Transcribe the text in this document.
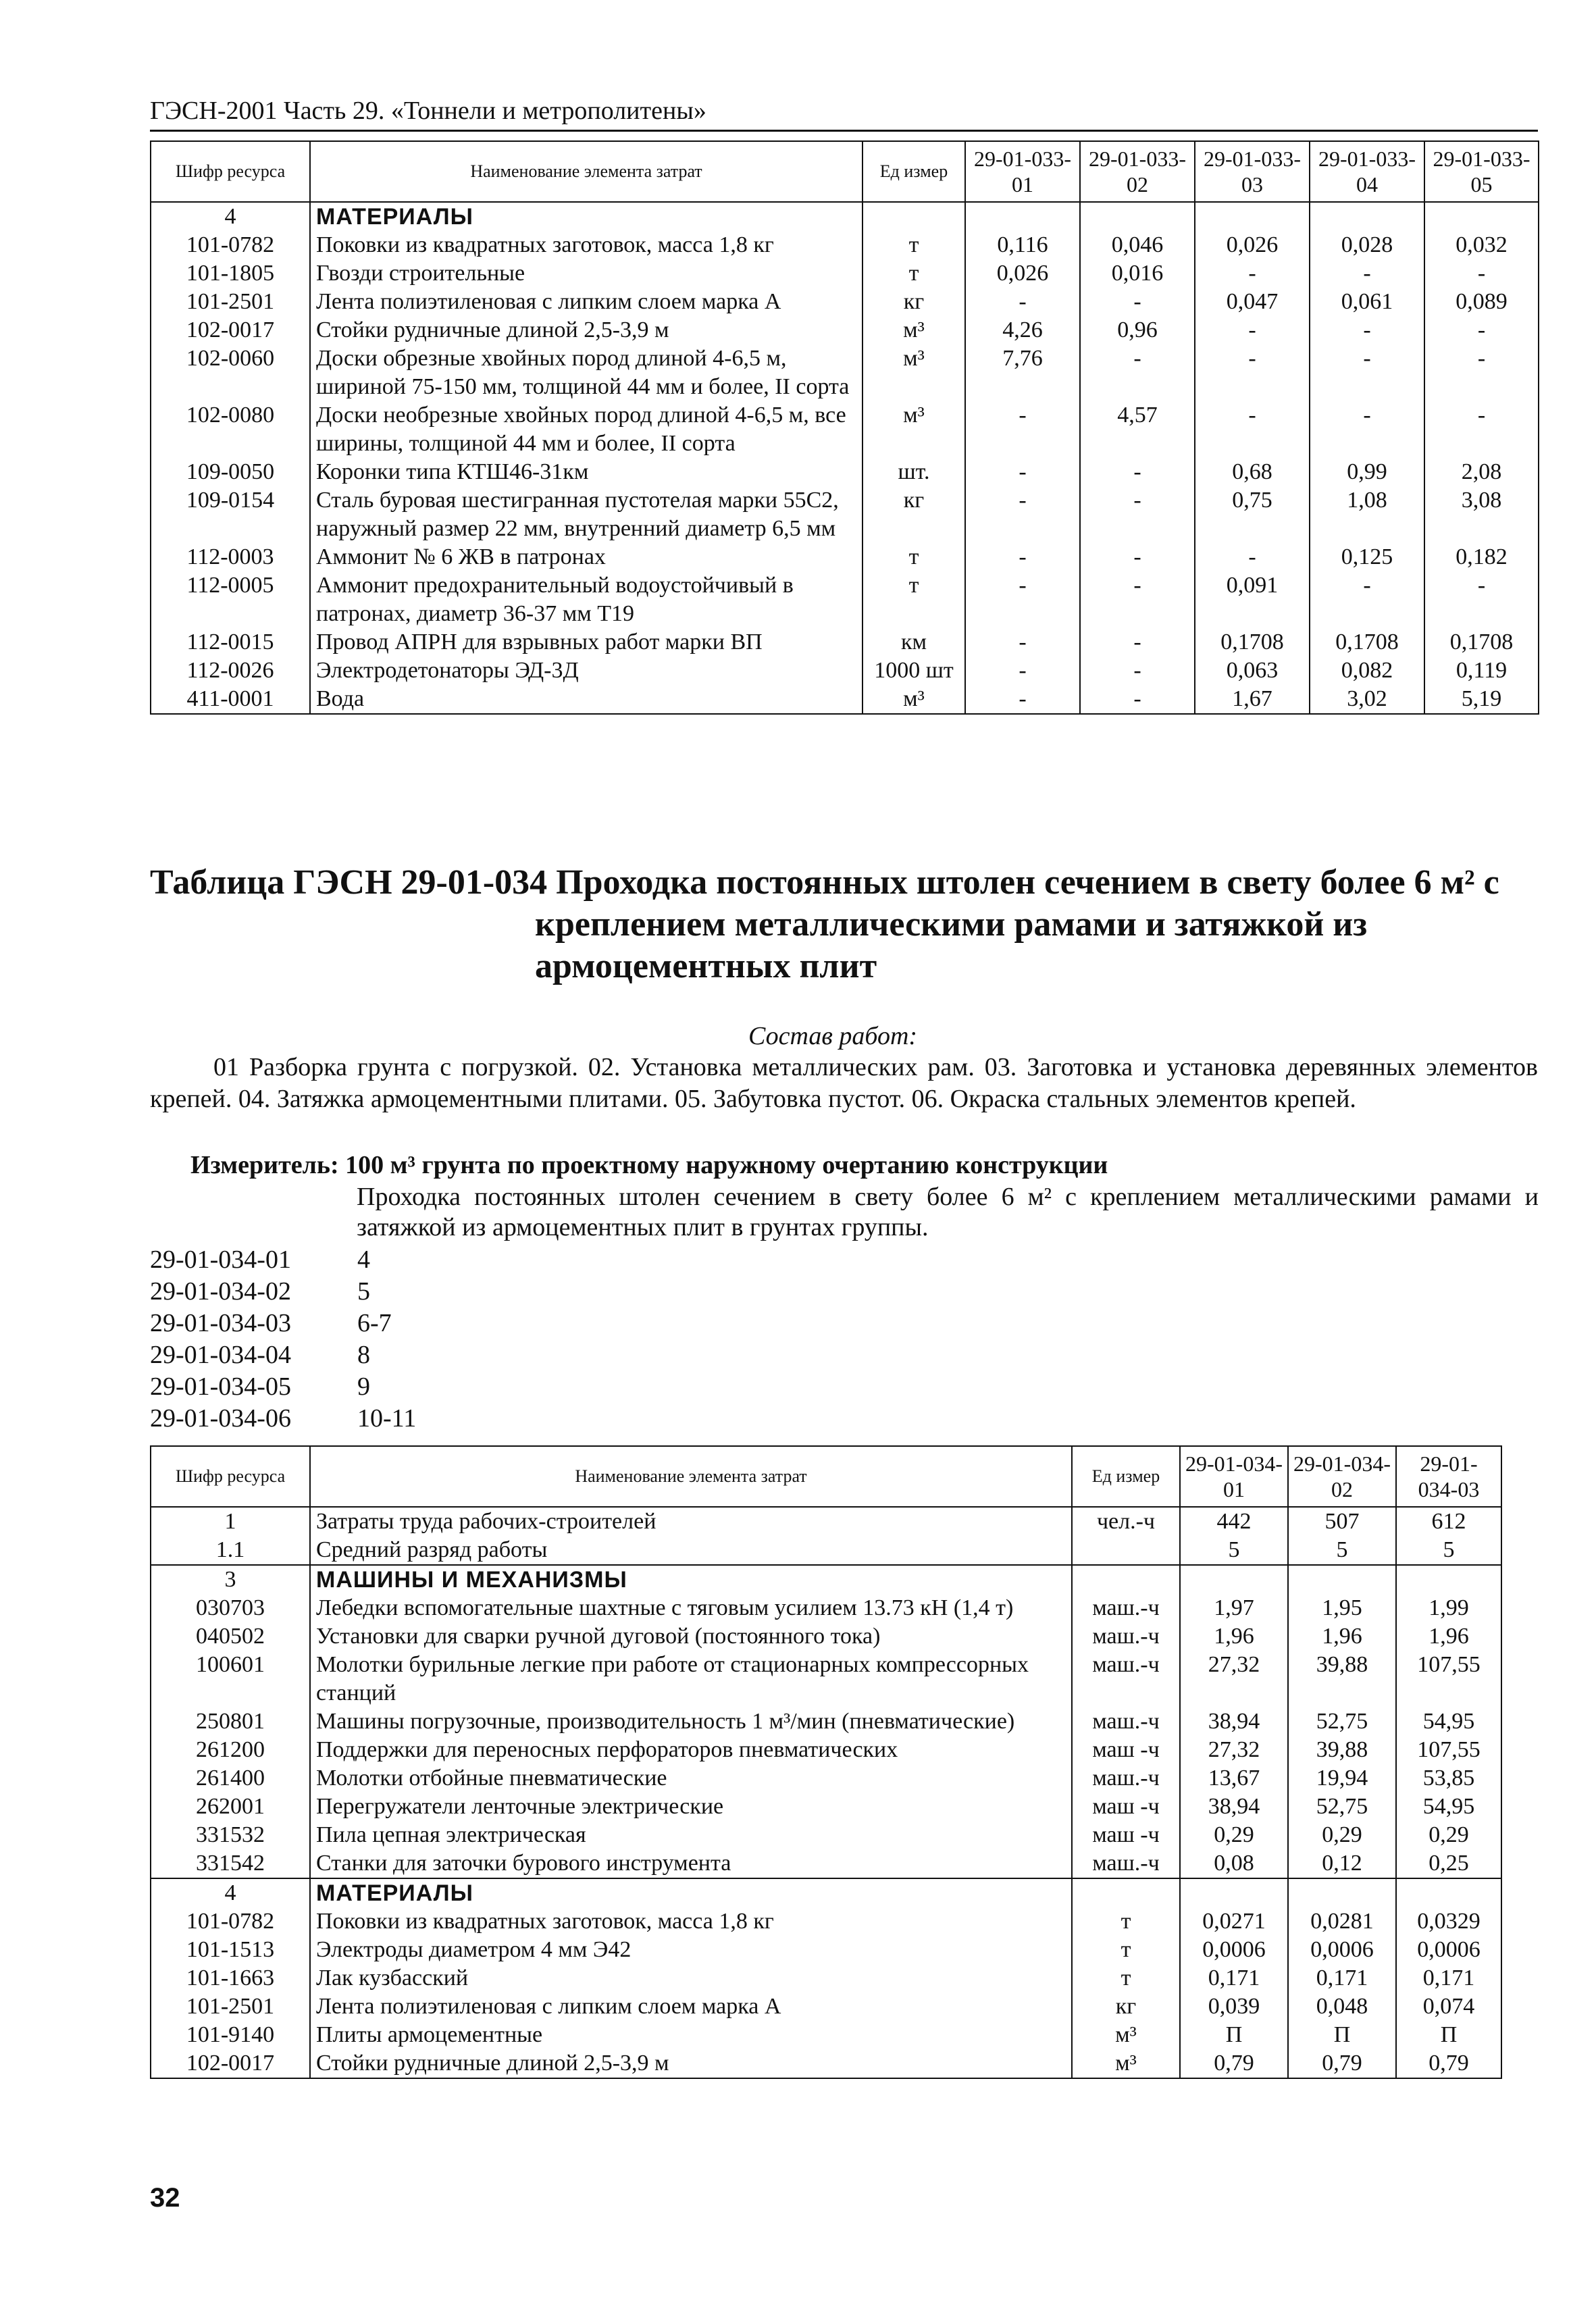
ГЭСН-2001 Часть 29. «Тоннели и метрополитены»
Шифр ресурса	Наименование элемента затрат	Ед измер	29-01-033-01	29-01-033-02	29-01-033-03	29-01-033-04	29-01-033-05
4	МАТЕРИАЛЫ						
101-0782	Поковки из квадратных заготовок, масса 1,8 кг	т	0,116	0,046	0,026	0,028	0,032
101-1805	Гвозди строительные	т	0,026	0,016	-	-	-
101-2501	Лента полиэтиленовая с липким слоем марка А	кг	-	-	0,047	0,061	0,089
102-0017	Стойки рудничные длиной 2,5-3,9 м	м³	4,26	0,96	-	-	-
102-0060	Доски обрезные хвойных пород длиной 4-6,5 м, шириной 75-150 мм, толщиной 44 мм и более, II сорта	м³	7,76	-	-	-	-
102-0080	Доски необрезные хвойных пород длиной 4-6,5 м, все ширины, толщиной 44 мм и более, II сорта	м³	-	4,57	-	-	-
109-0050	Коронки типа КТШ46-31км	шт.	-	-	0,68	0,99	2,08
109-0154	Сталь буровая шестигранная пустотелая марки 55С2, наружный размер 22 мм, внутренний диаметр 6,5 мм	кг	-	-	0,75	1,08	3,08
112-0003	Аммонит № 6 ЖВ в патронах	т	-	-	-	0,125	0,182
112-0005	Аммонит предохранительный водоустойчивый в патронах, диаметр 36-37 мм Т19	т	-	-	0,091	-	-
112-0015	Провод АПРН для взрывных работ марки ВП	км	-	-	0,1708	0,1708	0,1708
112-0026	Электродетонаторы ЭД-3Д	1000 шт	-	-	0,063	0,082	0,119
411-0001	Вода	м³	-	-	1,67	3,02	5,19
Таблица ГЭСН 29-01-034 Проходка постоянных штолен сечением в свету более 6 м² с
креплением металлическими рамами и затяжкой из армоцементных плит
Состав работ:
01 Разборка грунта с погрузкой. 02. Установка металлических рам. 03. Заготовка и установка деревянных элементов крепей. 04. Затяжка армоцементными плитами. 05. Забутовка пустот. 06. Окраска стальных элементов крепей.
Измеритель: 100 м³ грунта по проектному наружному очертанию конструкции
Проходка постоянных штолен сечением в свету более 6 м² с креплением металлическими рамами и затяжкой из армоцементных плит в грунтах группы.
29-01-034-01	4
29-01-034-02	5
29-01-034-03	6-7
29-01-034-04	8
29-01-034-05	9
29-01-034-06	10-11
Шифр ресурса	Наименование элемента затрат	Ед измер	29-01-034-01	29-01-034-02	29-01-034-03
1	Затраты труда рабочих-строителей	чел.-ч	442	507	612
1.1	Средний разряд работы		5	5	5
3	МАШИНЫ И МЕХАНИЗМЫ				
030703	Лебедки вспомогательные шахтные с тяговым усилием 13.73 кН (1,4 т)	маш.-ч	1,97	1,95	1,99
040502	Установки для сварки ручной дуговой (постоянного тока)	маш.-ч	1,96	1,96	1,96
100601	Молотки бурильные легкие при работе от стационарных компрессорных станций	маш.-ч	27,32	39,88	107,55
250801	Машины погрузочные, производительность 1 м³/мин (пневматические)	маш.-ч	38,94	52,75	54,95
261200	Поддержки для переносных перфораторов пневматических	маш -ч	27,32	39,88	107,55
261400	Молотки отбойные пневматические	маш.-ч	13,67	19,94	53,85
262001	Перегружатели ленточные электрические	маш -ч	38,94	52,75	54,95
331532	Пила цепная электрическая	маш -ч	0,29	0,29	0,29
331542	Станки для заточки бурового инструмента	маш.-ч	0,08	0,12	0,25
4	МАТЕРИАЛЫ				
101-0782	Поковки из квадратных заготовок, масса 1,8 кг	т	0,0271	0,0281	0,0329
101-1513	Электроды диаметром 4 мм Э42	т	0,0006	0,0006	0,0006
101-1663	Лак кузбасский	т	0,171	0,171	0,171
101-2501	Лента полиэтиленовая с липким слоем марка А	кг	0,039	0,048	0,074
101-9140	Плиты армоцементные	м³	П	П	П
102-0017	Стойки рудничные длиной 2,5-3,9 м	м³	0,79	0,79	0,79
32
